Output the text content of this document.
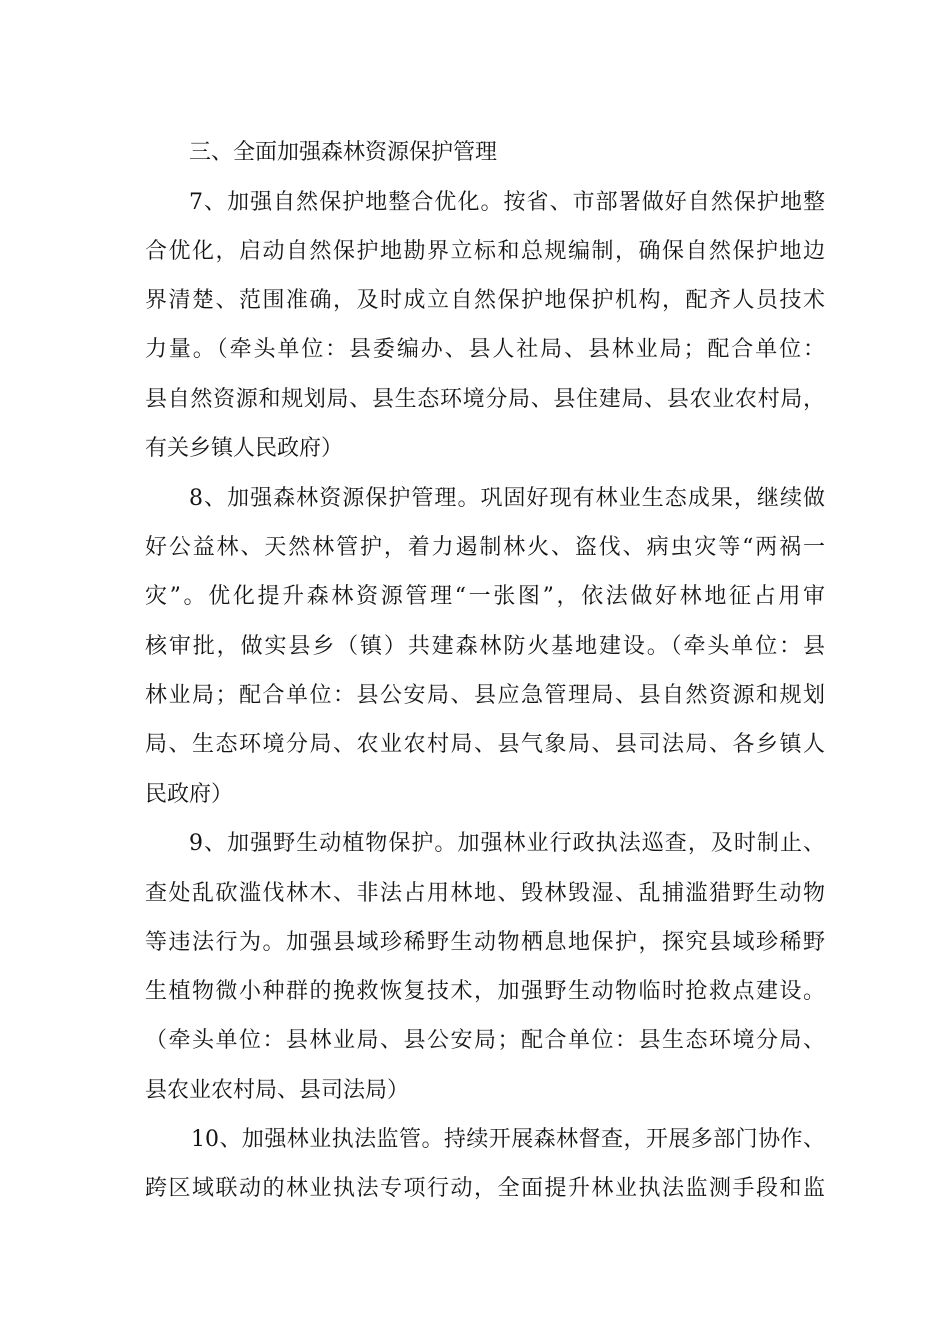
三、全面加强森林资源保护管理
7、加强自然保护地整合优化。按省、市部署做好自然保护地整
合优化，启动自然保护地勘界立标和总规编制，确保自然保护地边
界清楚、范围准确，及时成立自然保护地保护机构，配齐人员技术
力量。（牵头单位：县委编办、县人社局、县林业局；配合单位：
县自然资源和规划局、县生态环境分局、县住建局、县农业农村局，
有关乡镇人民政府）
8、加强森林资源保护管理。巩固好现有林业生态成果，继续做
好公益林、天然林管护，着力遏制林火、盗伐、病虫灾等“两祸一
灾”。优化提升森林资源管理“一张图”，依法做好林地征占用审
核审批，做实县乡（镇）共建森林防火基地建设。（牵头单位：县
林业局；配合单位：县公安局、县应急管理局、县自然资源和规划
局、生态环境分局、农业农村局、县气象局、县司法局、各乡镇人
民政府）
9、加强野生动植物保护。加强林业行政执法巡查，及时制止、
查处乱砍滥伐林木、非法占用林地、毁林毁湿、乱捕滥猎野生动物
等违法行为。加强县域珍稀野生动物栖息地保护，探究县域珍稀野
生植物微小种群的挽救恢复技术，加强野生动物临时抢救点建设。
（牵头单位：县林业局、县公安局；配合单位：县生态环境分局、
县农业农村局、县司法局）
10、加强林业执法监管。持续开展森林督查，开展多部门协作、
跨区域联动的林业执法专项行动，全面提升林业执法监测手段和监
